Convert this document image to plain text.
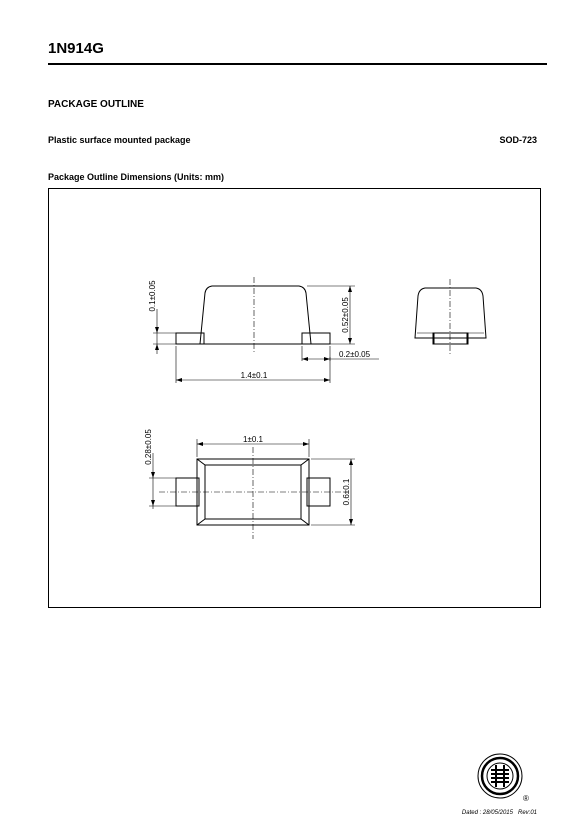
1N914G
PACKAGE OUTLINE
Plastic surface mounted package	SOD-723
Package Outline Dimensions (Units: mm)
1.4±0.1
0.52±0.05
0.2±0.05
0.1±0.05
1±0.1
0.6±0.1
0.28±0.05
®
Dated : 28/05/2015 Rev:01
